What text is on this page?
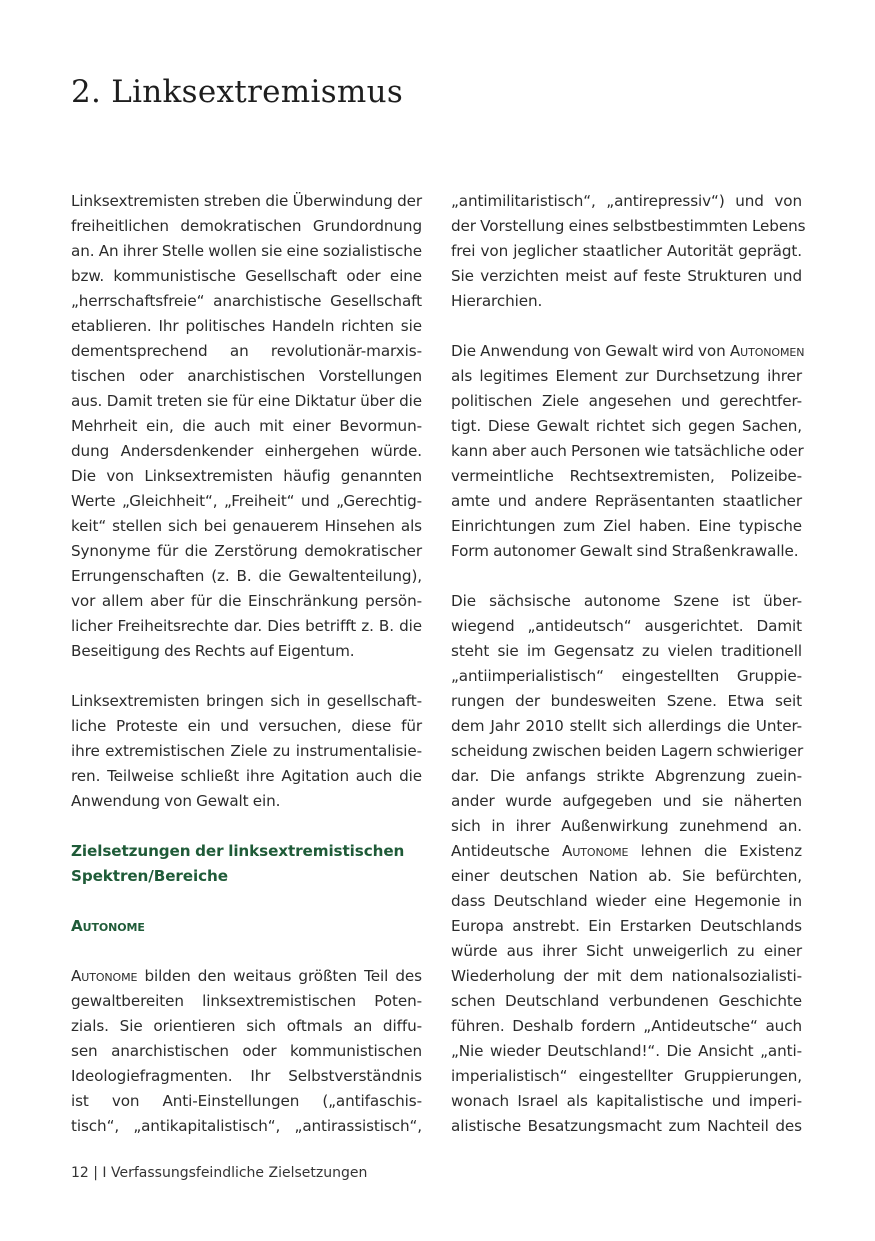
2. Linksextremismus
Linksextremisten streben die Überwindung der
freiheitlichen demokratischen Grundordnung
an. An ihrer Stelle wollen sie eine sozialistische
bzw. kommunistische Gesellschaft oder eine
„herrschaftsfreie“ anarchistische Gesellschaft
etablieren. Ihr politisches Handeln richten sie
dementsprechend an revolutionär-marxis-
tischen oder anarchistischen Vorstellungen
aus. Damit treten sie für eine Diktatur über die
Mehrheit ein, die auch mit einer Bevormun-
dung Andersdenkender einhergehen würde.
Die von Linksextremisten häufig genannten
Werte „Gleichheit“, „Freiheit“ und „Gerechtig-
keit“ stellen sich bei genauerem Hinsehen als
Synonyme für die Zerstörung demokratischer
Errungenschaften (z. B. die Gewaltenteilung),
vor allem aber für die Einschränkung persön-
licher Freiheitsrechte dar. Dies betrifft z. B. die
Beseitigung des Rechts auf Eigentum.
Linksextremisten bringen sich in gesellschaft-
liche Proteste ein und versuchen, diese für
ihre extremistischen Ziele zu instrumentalisie-
ren. Teilweise schließt ihre Agitation auch die
Anwendung von Gewalt ein.
Zielsetzungen der linksextremistischen
Spektren/Bereiche
Autonome
Autonome bilden den weitaus größten Teil des
gewaltbereiten linksextremistischen Poten-
zials. Sie orientieren sich oftmals an diffu-
sen anarchistischen oder kommunistischen
Ideologiefragmenten. Ihr Selbstverständnis
ist von Anti-Einstellungen („antifaschis-
tisch“, „antikapitalistisch“, „antirassistisch“,
„antimilitaristisch“, „antirepressiv“) und von
der Vorstellung eines selbstbestimmten Lebens
frei von jeglicher staatlicher Autorität geprägt.
Sie verzichten meist auf feste Strukturen und
Hierarchien.
Die Anwendung von Gewalt wird von Autonomen
als legitimes Element zur Durchsetzung ihrer
politischen Ziele angesehen und gerechtfer-
tigt. Diese Gewalt richtet sich gegen Sachen,
kann aber auch Personen wie tatsächliche oder
vermeintliche Rechtsextremisten, Polizeibe-
amte und andere Repräsentanten staatlicher
Einrichtungen zum Ziel haben. Eine typische
Form autonomer Gewalt sind Straßenkrawalle.
Die sächsische autonome Szene ist über-
wiegend „antideutsch“ ausgerichtet. Damit
steht sie im Gegensatz zu vielen traditionell
„antiimperialistisch“ eingestellten Gruppie-
rungen der bundesweiten Szene. Etwa seit
dem Jahr 2010 stellt sich allerdings die Unter-
scheidung zwischen beiden Lagern schwieriger
dar. Die anfangs strikte Abgrenzung zuein-
ander wurde aufgegeben und sie näherten
sich in ihrer Außenwirkung zunehmend an.
Antideutsche Autonome lehnen die Existenz
einer deutschen Nation ab. Sie befürchten,
dass Deutschland wieder eine Hegemonie in
Europa anstrebt. Ein Erstarken Deutschlands
würde aus ihrer Sicht unweigerlich zu einer
Wiederholung der mit dem nationalsozialisti-
schen Deutschland verbundenen Geschichte
führen. Deshalb fordern „Antideutsche“ auch
„Nie wieder Deutschland!“. Die Ansicht „anti-
imperialistisch“ eingestellter Gruppierungen,
wonach Israel als kapitalistische und imperi-
alistische Besatzungsmacht zum Nachteil des
12 | I Verfassungsfeindliche Zielsetzungen
